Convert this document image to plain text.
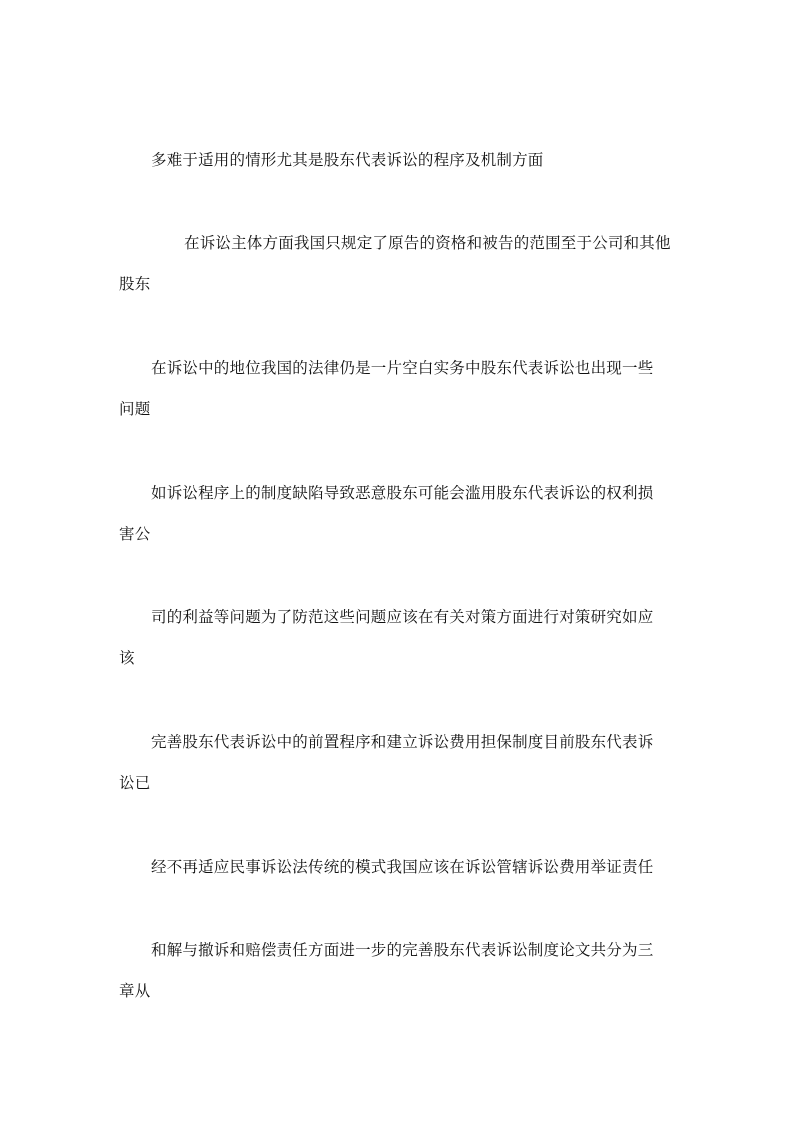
多难于适用的情形尤其是股东代表诉讼的程序及机制方面
在诉讼主体方面我国只规定了原告的资格和被告的范围至于公司和其他
股东
在诉讼中的地位我国的法律仍是一片空白实务中股东代表诉讼也出现一些
问题
如诉讼程序上的制度缺陷导致恶意股东可能会滥用股东代表诉讼的权利损
害公
司的利益等问题为了防范这些问题应该在有关对策方面进行对策研究如应
该
完善股东代表诉讼中的前置程序和建立诉讼费用担保制度目前股东代表诉
讼已
经不再适应民事诉讼法传统的模式我国应该在诉讼管辖诉讼费用举证责任
和解与撤诉和赔偿责任方面进一步的完善股东代表诉讼制度论文共分为三
章从
